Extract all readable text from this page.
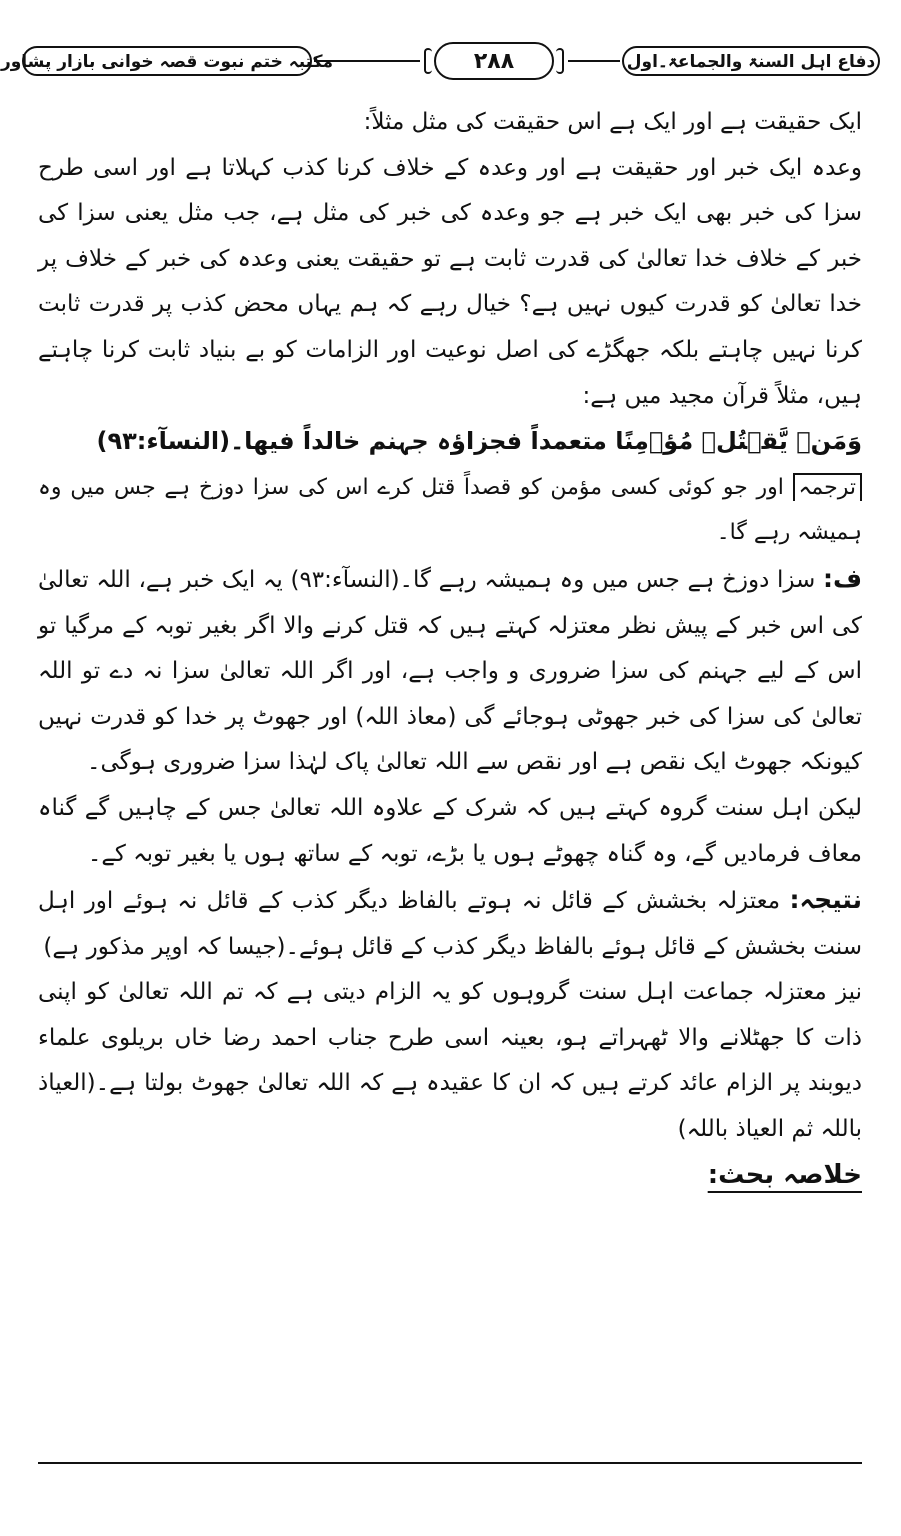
دفاع اہل السنۃ والجماعۃ۔اول
۲۸۸
مکتبہ ختم نبوت قصہ خوانی بازار پشاور

ایک حقیقت ہے اور ایک ہے اس حقیقت کی مثل مثلاً:

وعدہ ایک خبر اور حقیقت ہے اور وعدہ کے خلاف کرنا کذب کہلاتا ہے اور اسی طرح سزا کی خبر بھی ایک خبر ہے جو وعدہ کی خبر کی مثل ہے، جب مثل یعنی سزا کی خبر کے خلاف خدا تعالیٰ کی قدرت ثابت ہے تو حقیقت یعنی وعدہ کی خبر کے خلاف پر خدا تعالیٰ کو قدرت کیوں نہیں ہے؟ خیال رہے کہ ہم یہاں محض کذب پر قدرت ثابت کرنا نہیں چاہتے بلکہ جھگڑے کی اصل نوعیت اور الزامات کو بے بنیاد ثابت کرنا چاہتے ہیں، مثلاً قرآن مجید میں ہے:

وَمَنۡ يَّقۡتُلۡ مُؤۡمِنًا متعمداً فجزاؤہ جہنم خالداً فیھا۔(النسآء:۹۳)

ترجمہ اور جو کوئی کسی مؤمن کو قصداً قتل کرے اس کی سزا دوزخ ہے جس میں وہ ہمیشہ رہے گا۔

ف: سزا دوزخ ہے جس میں وہ ہمیشہ رہے گا۔(النسآء:۹۳) یہ ایک خبر ہے، اللہ تعالیٰ کی اس خبر کے پیش نظر معتزلہ کہتے ہیں کہ قتل کرنے والا اگر بغیر توبہ کے مرگیا تو اس کے لیے جہنم کی سزا ضروری و واجب ہے، اور اگر اللہ تعالیٰ سزا نہ دے تو اللہ تعالیٰ کی سزا کی خبر جھوٹی ہوجائے گی (معاذ اللہ) اور جھوٹ پر خدا کو قدرت نہیں کیونکہ جھوٹ ایک نقص ہے اور نقص سے اللہ تعالیٰ پاک لہٰذا سزا ضروری ہوگی۔

لیکن اہل سنت گروہ کہتے ہیں کہ شرک کے علاوہ اللہ تعالیٰ جس کے چاہیں گے گناہ معاف فرمادیں گے، وہ گناہ چھوٹے ہوں یا بڑے، توبہ کے ساتھ ہوں یا بغیر توبہ کے۔

نتیجہ: معتزلہ بخشش کے قائل نہ ہوتے بالفاظ دیگر کذب کے قائل نہ ہوئے اور اہل سنت بخشش کے قائل ہوئے بالفاظ دیگر کذب کے قائل ہوئے۔(جیسا کہ اوپر مذکور ہے)

نیز معتزلہ جماعت اہل سنت گروہوں کو یہ الزام دیتی ہے کہ تم اللہ تعالیٰ کو اپنی ذات کا جھٹلانے والا ٹھہراتے ہو، بعینہ اسی طرح جناب احمد رضا خاں بریلوی علماء دیوبند پر الزام عائد کرتے ہیں کہ ان کا عقیدہ ہے کہ اللہ تعالیٰ جھوٹ بولتا ہے۔(العیاذ باللہ ثم العیاذ باللہ)

خلاصہ بحث:
